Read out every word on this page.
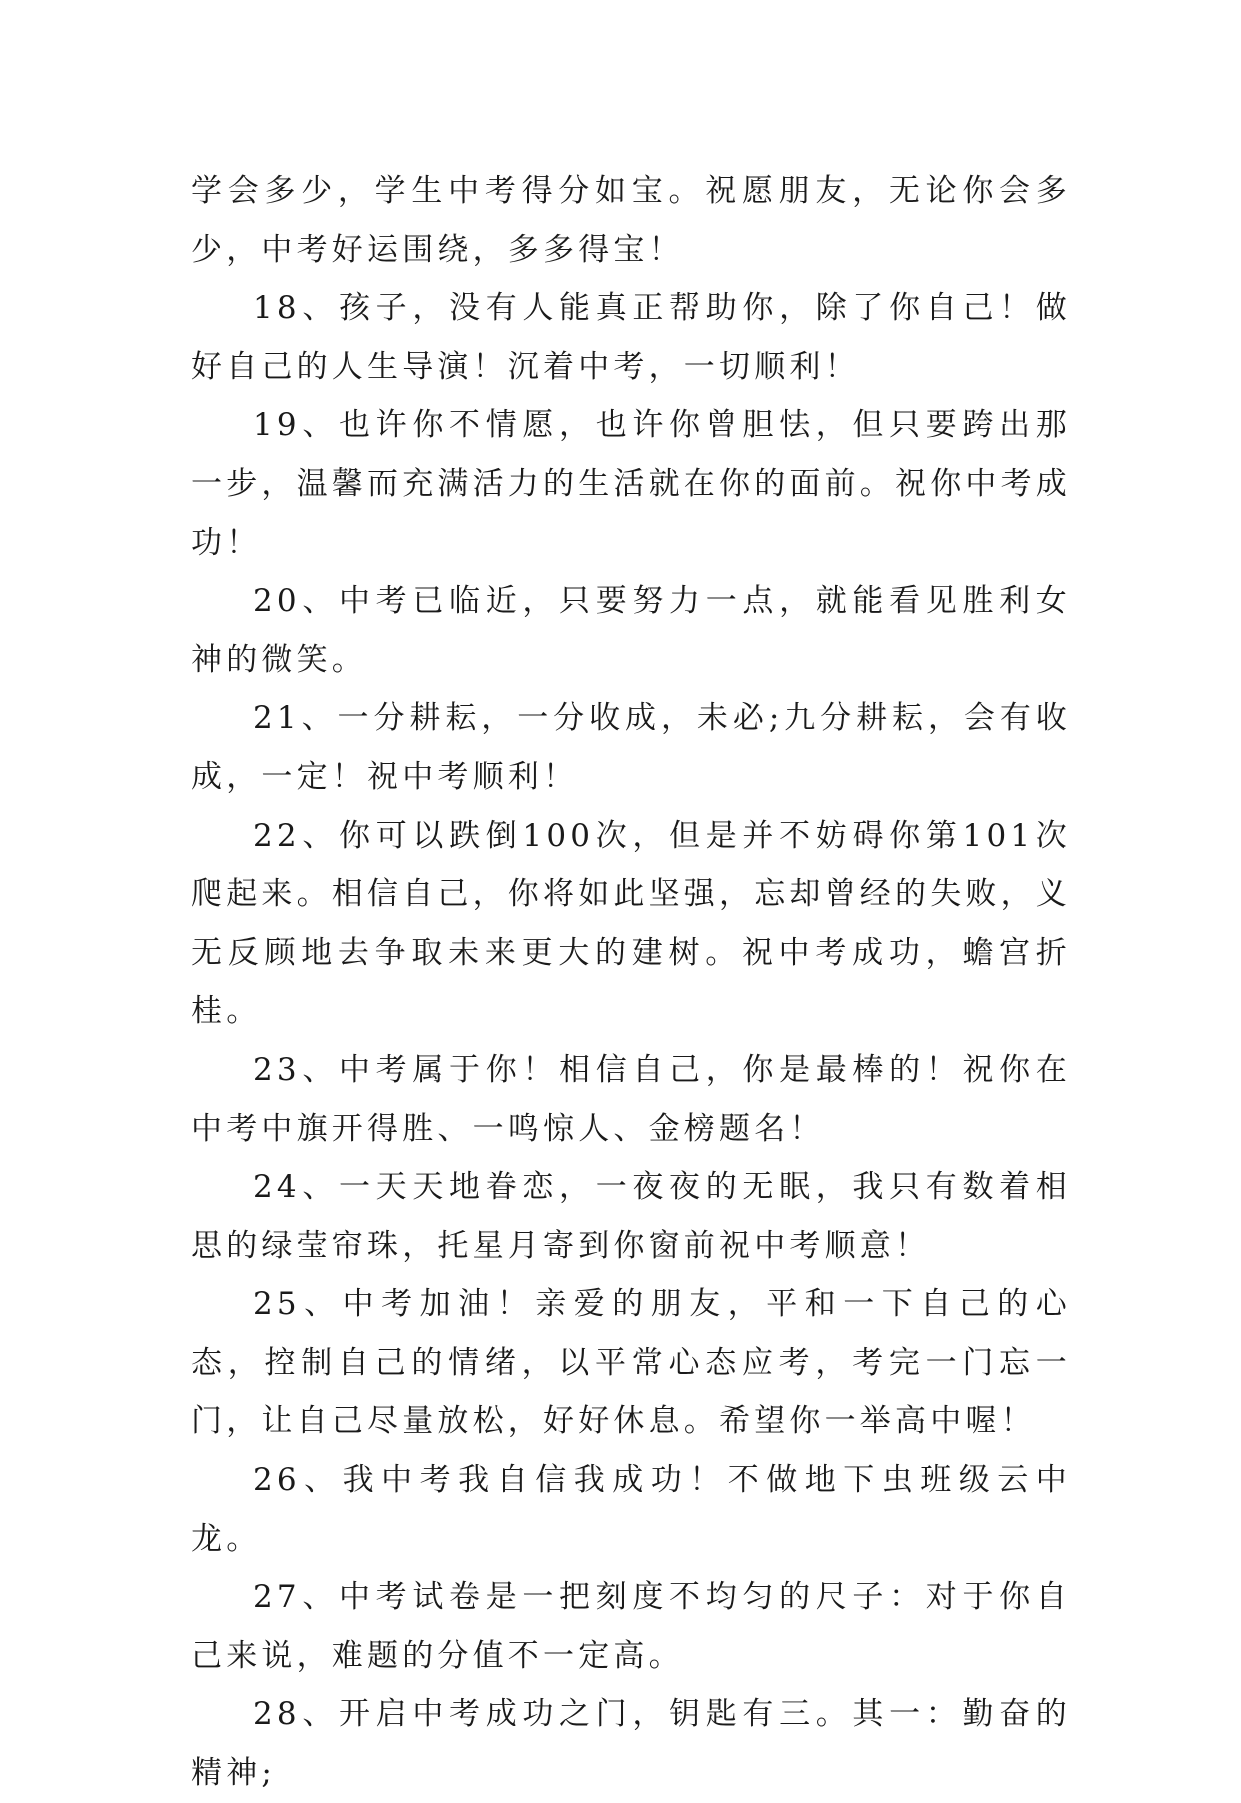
学会多少，学生中考得分如宝。祝愿朋友，无论你会多少，中考好运围绕，多多得宝！

18、孩子，没有人能真正帮助你，除了你自己！做好自己的人生导演！沉着中考，一切顺利！

19、也许你不情愿，也许你曾胆怯，但只要跨出那一步，温馨而充满活力的生活就在你的面前。祝你中考成功！

20、中考已临近，只要努力一点，就能看见胜利女神的微笑。

21、一分耕耘，一分收成，未必;九分耕耘，会有收成，一定！祝中考顺利！

22、你可以跌倒100次，但是并不妨碍你第101次爬起来。相信自己，你将如此坚强，忘却曾经的失败，义无反顾地去争取未来更大的建树。祝中考成功，蟾宫折桂。

23、中考属于你！相信自己，你是最棒的！祝你在中考中旗开得胜、一鸣惊人、金榜题名！

24、一天天地眷恋，一夜夜的无眠，我只有数着相思的绿莹帘珠，托星月寄到你窗前祝中考顺意！

25、中考加油！亲爱的朋友，平和一下自己的心态，控制自己的情绪，以平常心态应考，考完一门忘一门，让自己尽量放松，好好休息。希望你一举高中喔！

26、我中考我自信我成功！不做地下虫班级云中龙。

27、中考试卷是一把刻度不均匀的尺子：对于你自己来说，难题的分值不一定高。

28、开启中考成功之门，钥匙有三。其一：勤奋的精神;
